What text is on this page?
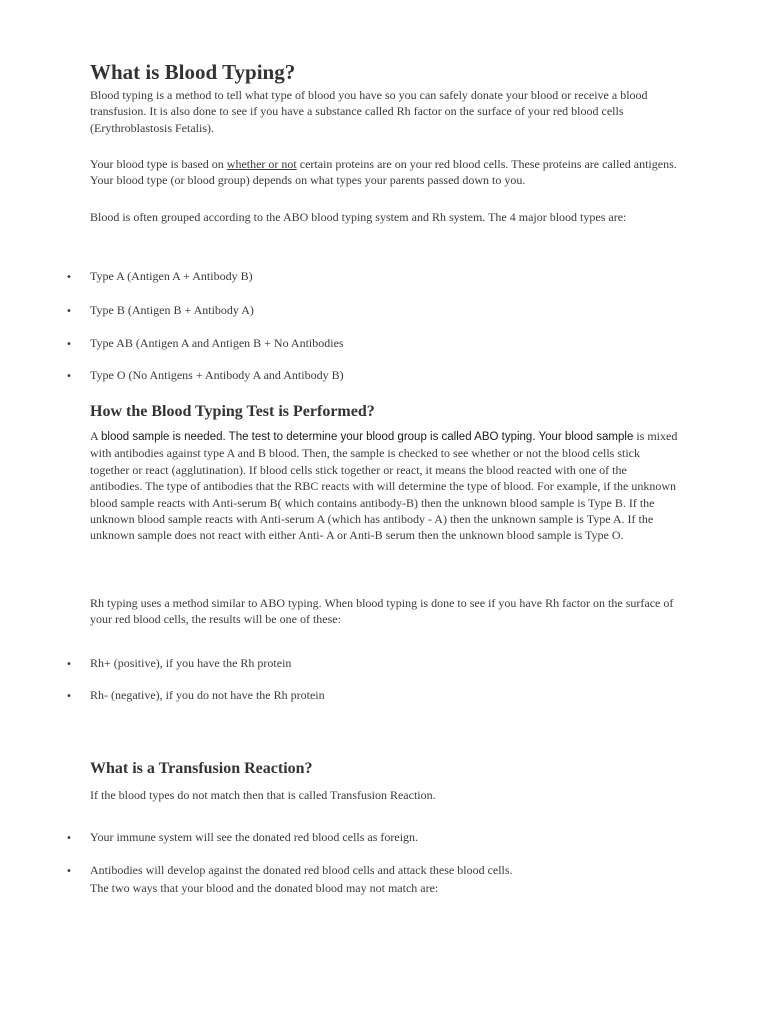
What is Blood Typing?

Blood typing is a method to tell what type of blood you have so you can safely donate your blood or receive a blood transfusion. It is also done to see if you have a substance called Rh factor on the surface of your red blood cells (Erythroblastosis Fetalis).

Your blood type is based on whether or not certain proteins are on your red blood cells. These proteins are called antigens. Your blood type (or blood group) depends on what types your parents passed down to you.

Blood is often grouped according to the ABO blood typing system and Rh system. The 4 major blood types are:

• Type A (Antigen A + Antibody B)
• Type B (Antigen B + Antibody A)
• Type AB (Antigen A and Antigen B + No Antibodies
• Type O (No Antigens + Antibody A and Antibody B)
How the Blood Typing Test is Performed?

A blood sample is needed. The test to determine your blood group is called ABO typing. Your blood sample is mixed with antibodies against type A and B blood. Then, the sample is checked to see whether or not the blood cells stick together or react (agglutination). If blood cells stick together or react, it means the blood reacted with one of the antibodies. The type of antibodies that the RBC reacts with will determine the type of blood. For example, if the unknown blood sample reacts with Anti-serum B( which contains antibody-B) then the unknown blood sample is Type B. If the unknown blood sample reacts with Anti-serum A (which has antibody - A) then the unknown sample is Type A. If the unknown sample does not react with either Anti- A or Anti-B serum then the unknown blood sample is Type O.

Rh typing uses a method similar to ABO typing. When blood typing is done to see if you have Rh factor on the surface of your red blood cells, the results will be one of these:

• Rh+ (positive), if you have the Rh protein
• Rh- (negative), if you do not have the Rh protein
What is a Transfusion Reaction?

If the blood types do not match then that is called Transfusion Reaction.

• Your immune system will see the donated red blood cells as foreign.
• Antibodies will develop against the donated red blood cells and attack these blood cells.
The two ways that your blood and the donated blood may not match are:
